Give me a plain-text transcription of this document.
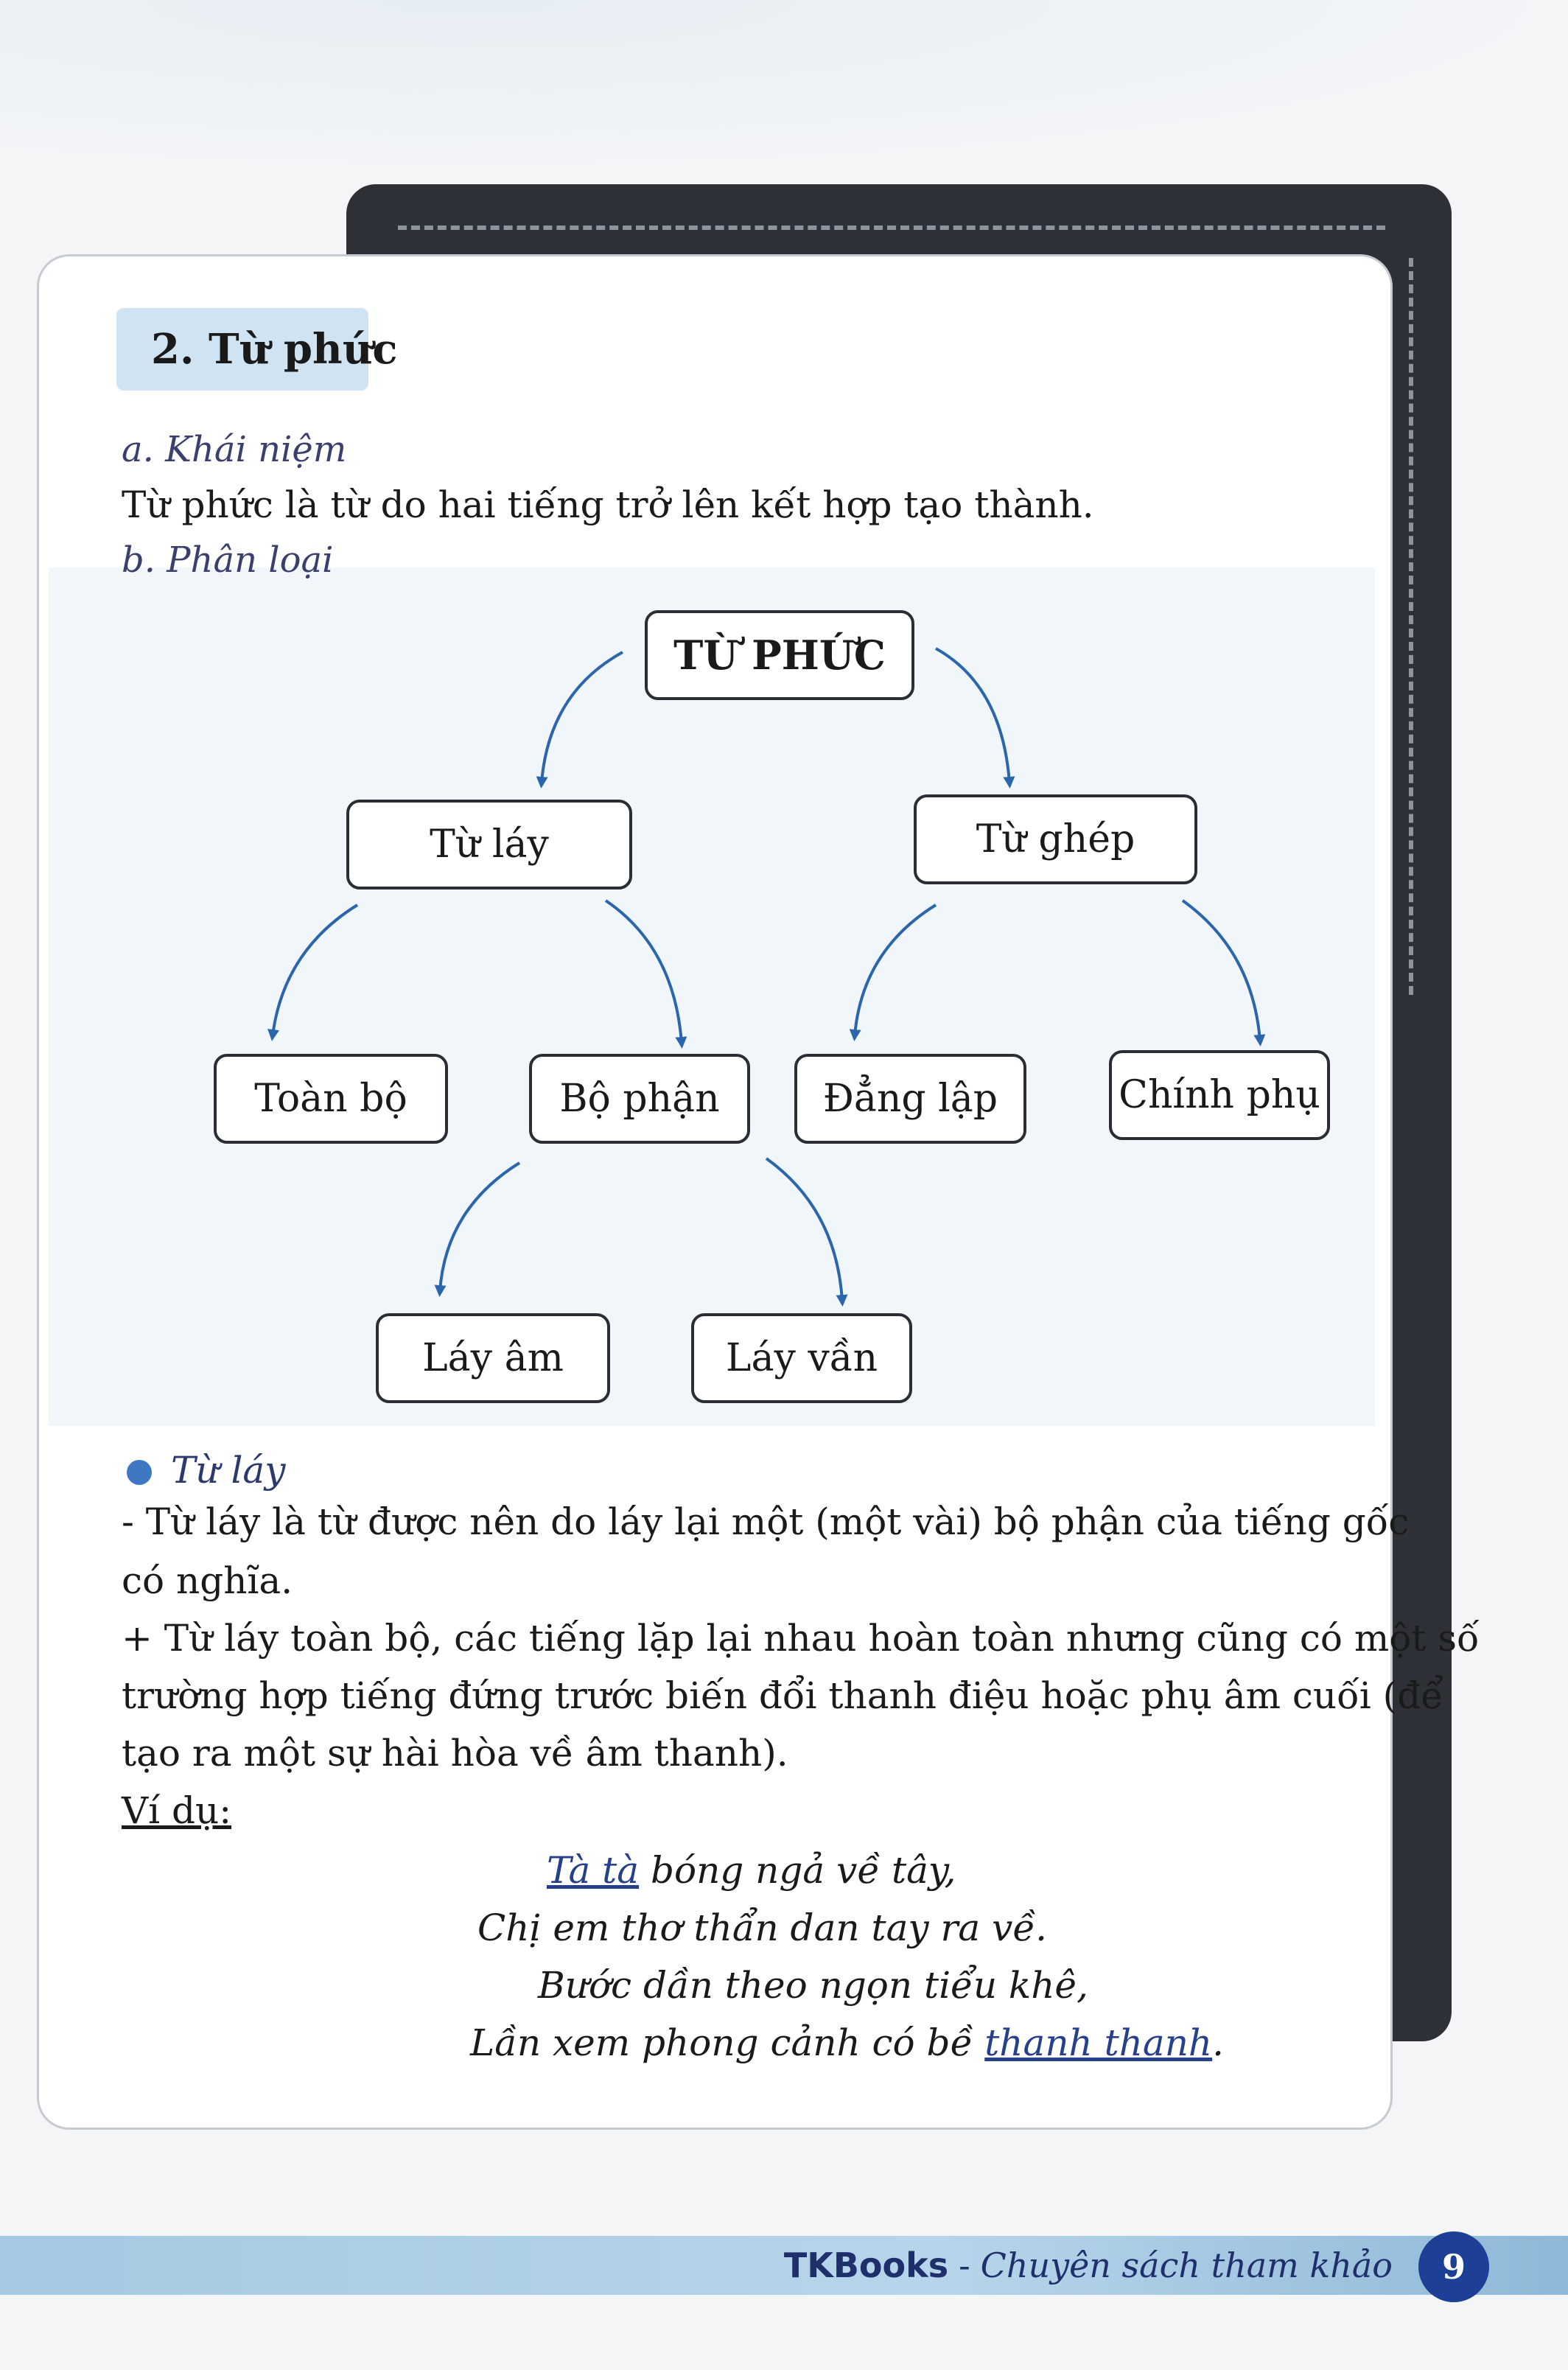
2. Từ phức
a. Khái niệm
Từ phức là từ do hai tiếng trở lên kết hợp tạo thành.
b. Phân loại
TỪ PHỨC
Từ láy	Từ ghép
Toàn bộ	Bộ phận	Đẳng lập	Chính phụ
Láy âm	Láy vần
Từ láy
- Từ láy là từ được nên do láy lại một (một vài) bộ phận của tiếng gốc
có nghĩa.
+ Từ láy toàn bộ, các tiếng lặp lại nhau hoàn toàn nhưng cũng có một số
trường hợp tiếng đứng trước biến đổi thanh điệu hoặc phụ âm cuối (để
tạo ra một sự hài hòa về âm thanh).
Ví dụ:
Tà tà bóng ngả về tây,
Chị em thơ thẩn dan tay ra về.
Bước dần theo ngọn tiểu khê,
Lần xem phong cảnh có bề thanh thanh.
TKBooks - Chuyên sách tham khảo	9
